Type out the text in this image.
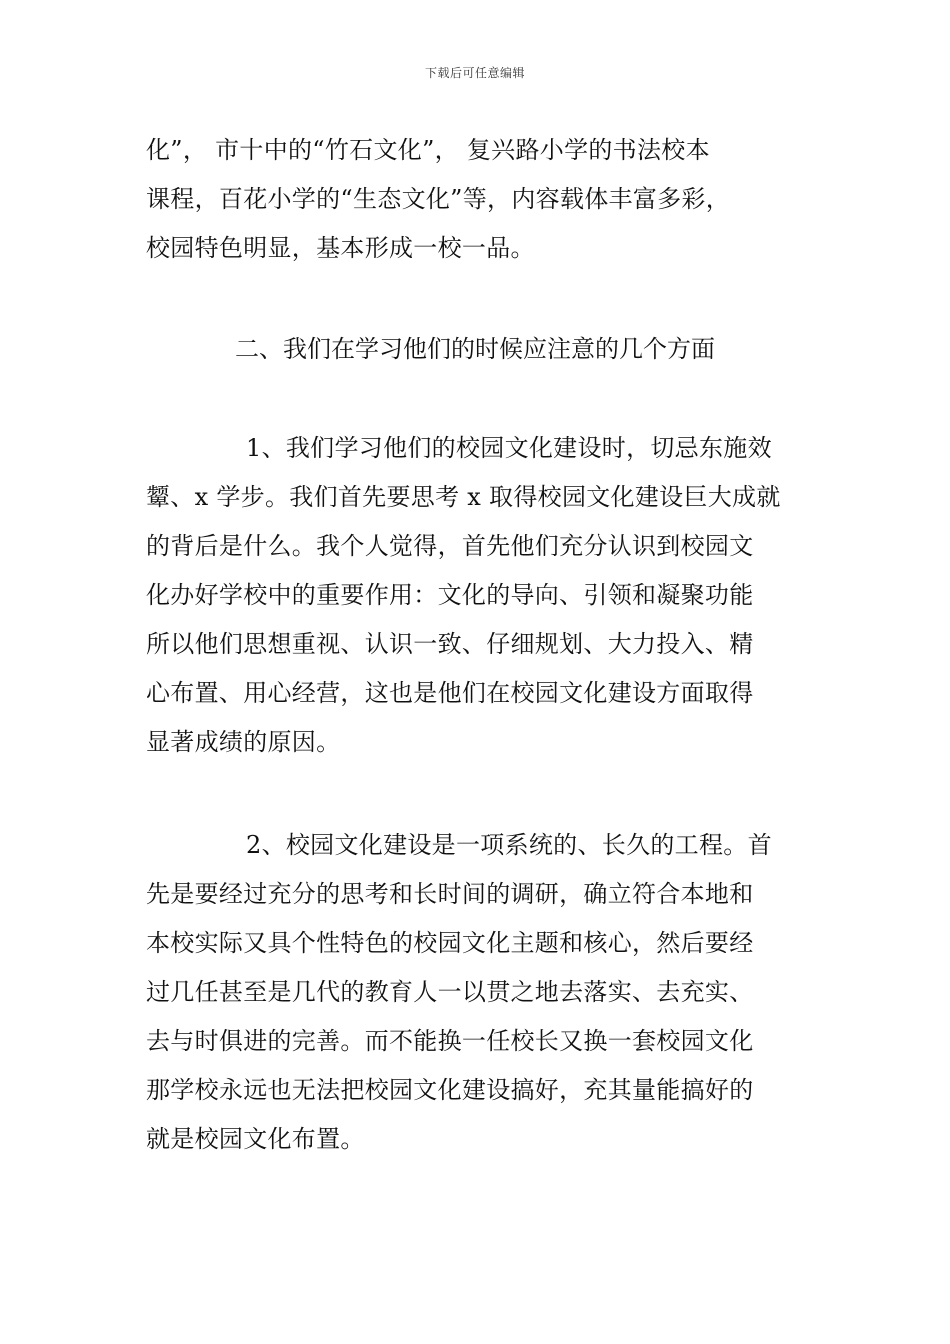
下载后可任意编辑
化”， 市十中的“竹石文化”， 复兴路小学的书法校本
课程，百花小学的“生态文化”等，内容载体丰富多彩，
校园特色明显，基本形成一校一品。
二、我们在学习他们的时候应注意的几个方面
1、我们学习他们的校园文化建设时，切忌东施效
颦、x 学步。我们首先要思考 x 取得校园文化建设巨大成就
的背后是什么。我个人觉得，首先他们充分认识到校园文
化办好学校中的重要作用：文化的导向、引领和凝聚功能
所以他们思想重视、认识一致、仔细规划、大力投入、精
心布置、用心经营，这也是他们在校园文化建设方面取得
显著成绩的原因。
2、校园文化建设是一项系统的、长久的工程。首
先是要经过充分的思考和长时间的调研，确立符合本地和
本校实际又具个性特色的校园文化主题和核心，然后要经
过几任甚至是几代的教育人一以贯之地去落实、去充实、
去与时俱进的完善。而不能换一任校长又换一套校园文化
那学校永远也无法把校园文化建设搞好，充其量能搞好的
就是校园文化布置。
